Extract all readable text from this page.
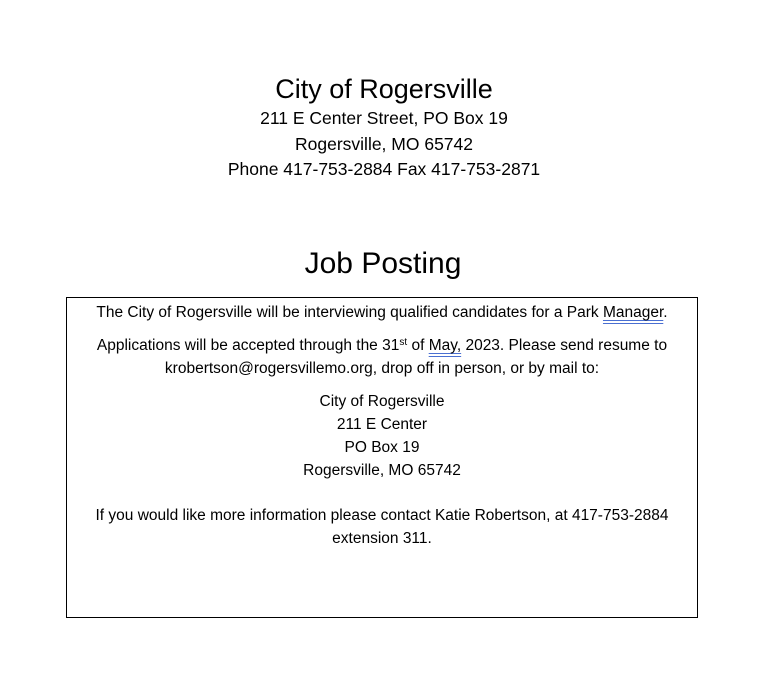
City of Rogersville

211 E Center Street, PO Box 19

Rogersville, MO 65742

Phone 417-753-2884 Fax 417-753-2871

Job Posting

The City of Rogersville will be interviewing qualified candidates for a Park Manager.

Applications will be accepted through the 31st of May, 2023. Please send resume to krobertson@rogersvillemo.org, drop off in person, or by mail to:

City of Rogersville
211 E Center
PO Box 19
Rogersville, MO 65742

If you would like more information please contact Katie Robertson, at 417-753-2884 extension 311.
